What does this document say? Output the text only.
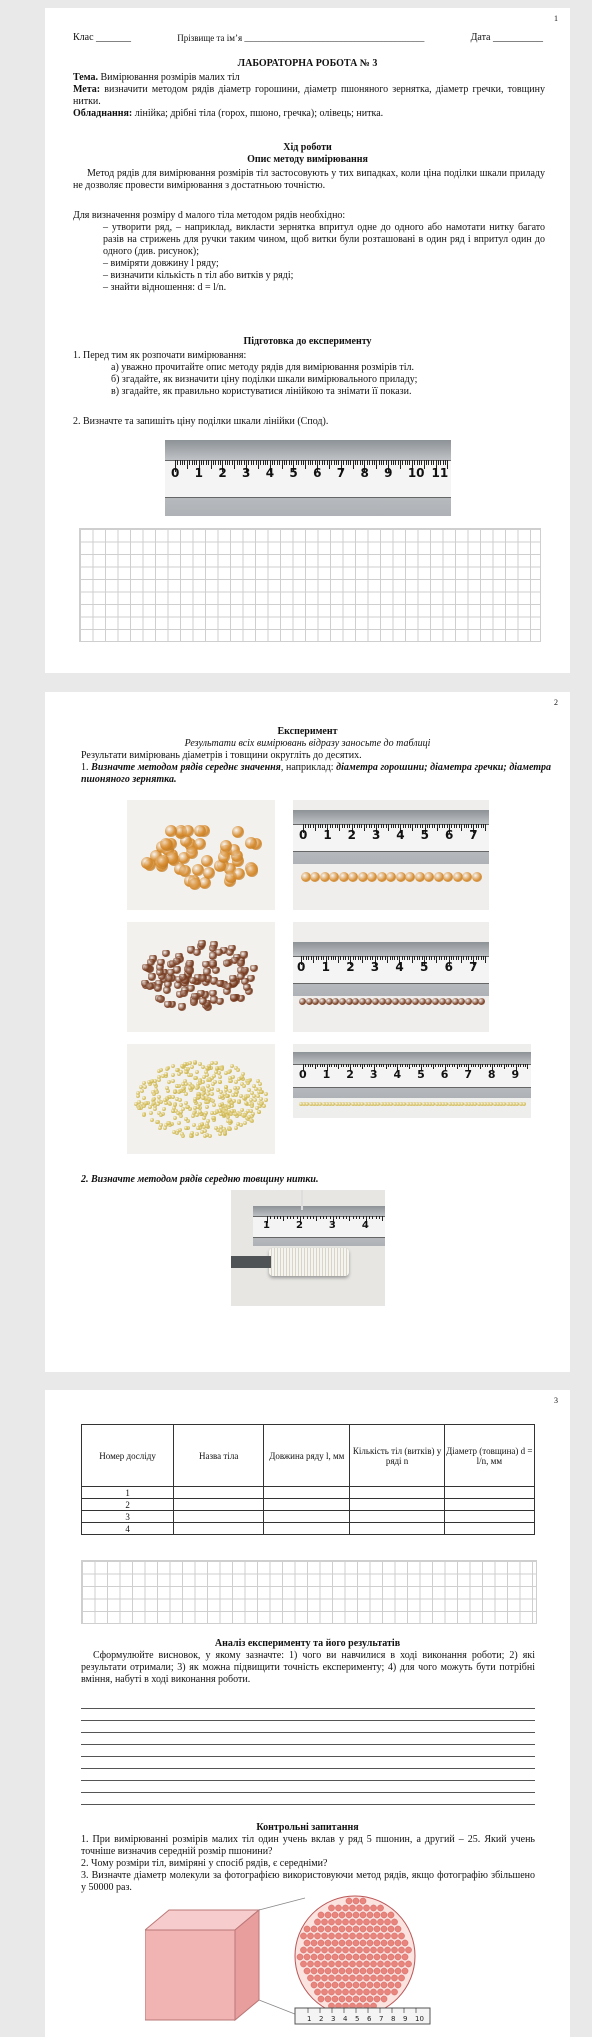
1
Клас _______	Прізвище та ім’я ________________________________________	Дата __________
ЛАБОРАТОРНА РОБОТА № 3
Тема. Вимірювання розмірів малих тіл
Мета: визначити методом рядів діаметр горошини, діаметр пшоняного зернятка, діаметр гречки, товщину нитки.
Обладнання: лінійка; дрібні тіла (горох, пшоно, гречка); олівець; нитка.
Хід роботи
Опис методу вимірювання
Метод рядів для вимірювання розмірів тіл застосовують у тих випадках, коли ціна поділки шкали приладу не дозволяє провести вимірювання з достатньою точністю.
Для визначення розміру d малого тіла методом рядів необхідно:
– утворити ряд, – наприклад, викласти зернятка впритул одне до одного або намотати нитку багато разів на стрижень для ручки таким чином, щоб витки були розташовані в один ряд і впритул один до одного (див. рисунок);
– виміряти довжину l ряду;
– визначити кількість n тіл або витків у ряді;
– знайти відношення: d = l/n.
Підготовка до експерименту
1. Перед тим як розпочати вимірювання:
а) уважно прочитайте опис методу рядів для вимірювання розмірів тіл.
б) згадайте, як визначити ціну поділки шкали вимірювального приладу;
в) згадайте, як правильно користуватися лінійкою та знімати її покази.
2. Визначте та запишіть ціну поділки шкали лінійки (Cпод).
0 1 2 3 4 5 6 7 8 9 10 11
2
Експеримент
Результати всіх вимірювань відразу заносьте до таблиці
Результати вимірювань діаметрів і товщини округліть до десятих.
1. Визначте методом рядів середнє значення, наприклад: діаметра горошини; діаметра гречки; діаметра пшоняного зернятка.
0 1 2 3 4 5 6 7
0 1 2 3 4 5 6 7
0 1 2 3 4 5 6 7 8 9
2. Визначте методом рядів середню товщину нитки.
1	2	3	4
3
Номер досліду	Назва тіла	Довжина ряду l, мм	Кількість тіл (витків) у ряді n	Діаметр (товщина) d = l/n, мм
1				
2				
3				
4				
Аналіз експерименту та його результатів
Сформулюйте висновок, у якому зазначте: 1) чого ви навчилися в ході виконання роботи; 2) які результати отримали; 3) як можна підвищити точність експерименту; 4) для чого можуть бути потрібні вміння, набуті в ході виконання роботи.
Контрольні запитання
1. При вимірюванні розмірів малих тіл один учень вклав у ряд 5 пшонин, а другий – 25. Який учень точніше визначив середній розмір пшонини?
2. Чому розміри тіл, виміряні у спосіб рядів, є середніми?
3. Визначте діаметр молекули за фотографією використовуючи метод рядів, якщо фотографію збільшено у 50000 раз.
1 2 3 4 5 6 7 8 9 10
